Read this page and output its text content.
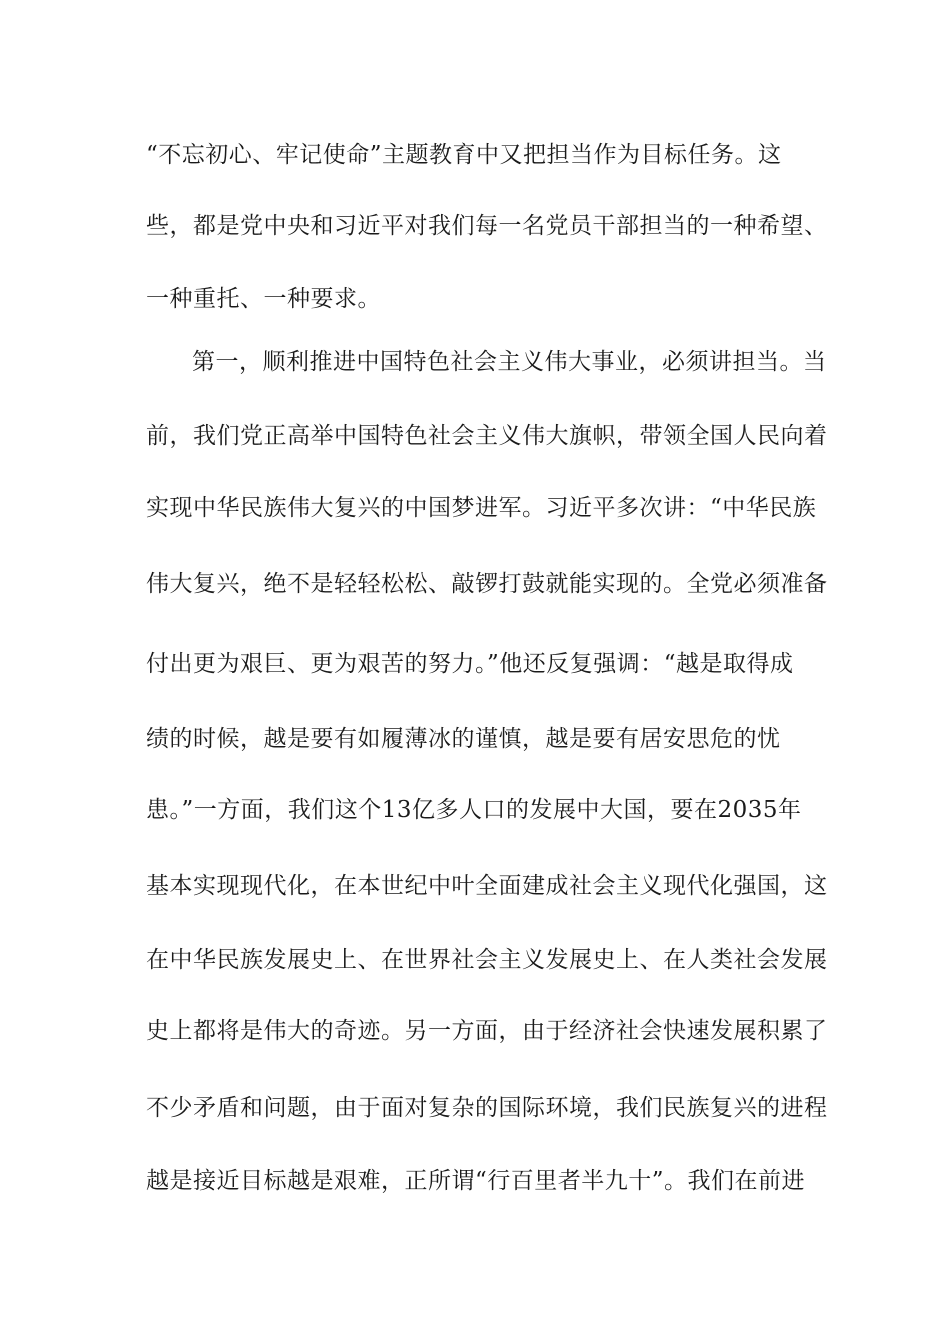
“不忘初心、牢记使命”主题教育中又把担当作为目标任务。这
些，都是党中央和习近平对我们每一名党员干部担当的一种希望、
一种重托、一种要求。
第一，顺利推进中国特色社会主义伟大事业，必须讲担当。当
前，我们党正高举中国特色社会主义伟大旗帜，带领全国人民向着
实现中华民族伟大复兴的中国梦进军。习近平多次讲：“中华民族
伟大复兴，绝不是轻轻松松、敲锣打鼓就能实现的。全党必须准备
付出更为艰巨、更为艰苦的努力。”他还反复强调：“越是取得成
绩的时候，越是要有如履薄冰的谨慎，越是要有居安思危的忧
患。”一方面，我们这个13亿多人口的发展中大国，要在2035年
基本实现现代化，在本世纪中叶全面建成社会主义现代化强国，这
在中华民族发展史上、在世界社会主义发展史上、在人类社会发展
史上都将是伟大的奇迹。另一方面，由于经济社会快速发展积累了
不少矛盾和问题，由于面对复杂的国际环境，我们民族复兴的进程
越是接近目标越是艰难，正所谓“行百里者半九十”。我们在前进
